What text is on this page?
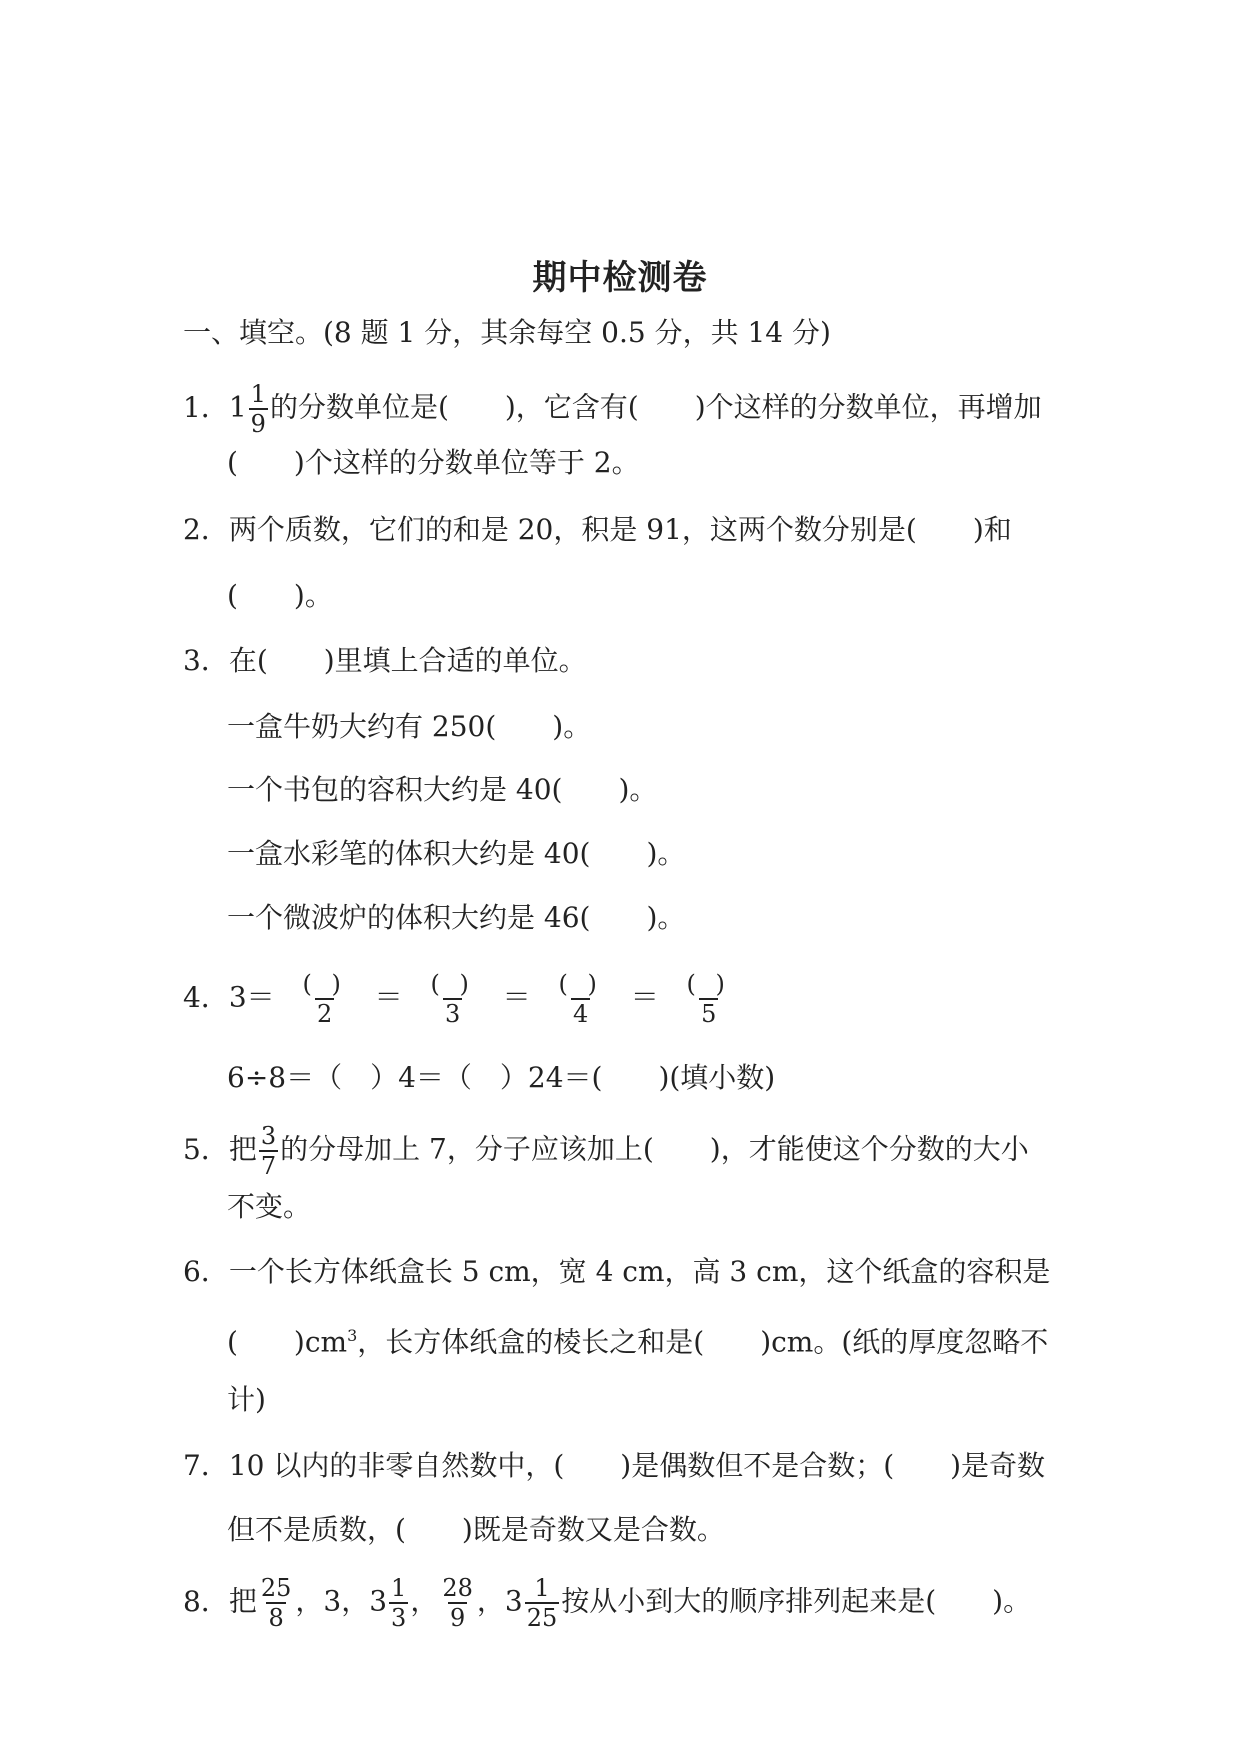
期中检测卷
一、填空。(8 题 1 分，其余每空 0.5 分，共 14 分)
1．$1 \frac{1}{9}$ 的分数单位是(　　)，它含有(　　)个这样的分数单位，再增加
(　　)个这样的分数单位等于 2。
2．两个质数，它们的和是 20，积是 91，这两个数分别是(　　)和
(　　)。
3．在(　　)里填上合适的单位。
一盒牛奶大约有 250(　　)。
一个书包的容积大约是 40(　　)。
一盒水彩笔的体积大约是 40(　　)。
一个微波炉的体积大约是 46(　　)。
4．$3= \frac{( )}{2} = \frac{( )}{3} = \frac{( )}{4} = \frac{( )}{5}$
6÷8＝（　）4＝（　）24＝(　　)(填小数)
5．把 $\frac{3}{7}$ 的分母加上 7，分子应该加上(　　)，才能使这个分数的大小
不变。
6．一个长方体纸盒长 5 cm，宽 4 cm，高 3 cm，这个纸盒的容积是
(　　)$cm^3$，长方体纸盒的棱长之和是(　　)cm。(纸的厚度忽略不
计)
7．10 以内的非零自然数中，(　　)是偶数但不是合数；(　　)是奇数
但不是质数，(　　)既是奇数又是合数。
8．把 $\frac{25}{8}$ ，3，$3 \frac{1}{3}$ ， $\frac{28}{9}$ ，$3 \frac{1}{25}$ 按从小到大的顺序排列起来是(　　)。
